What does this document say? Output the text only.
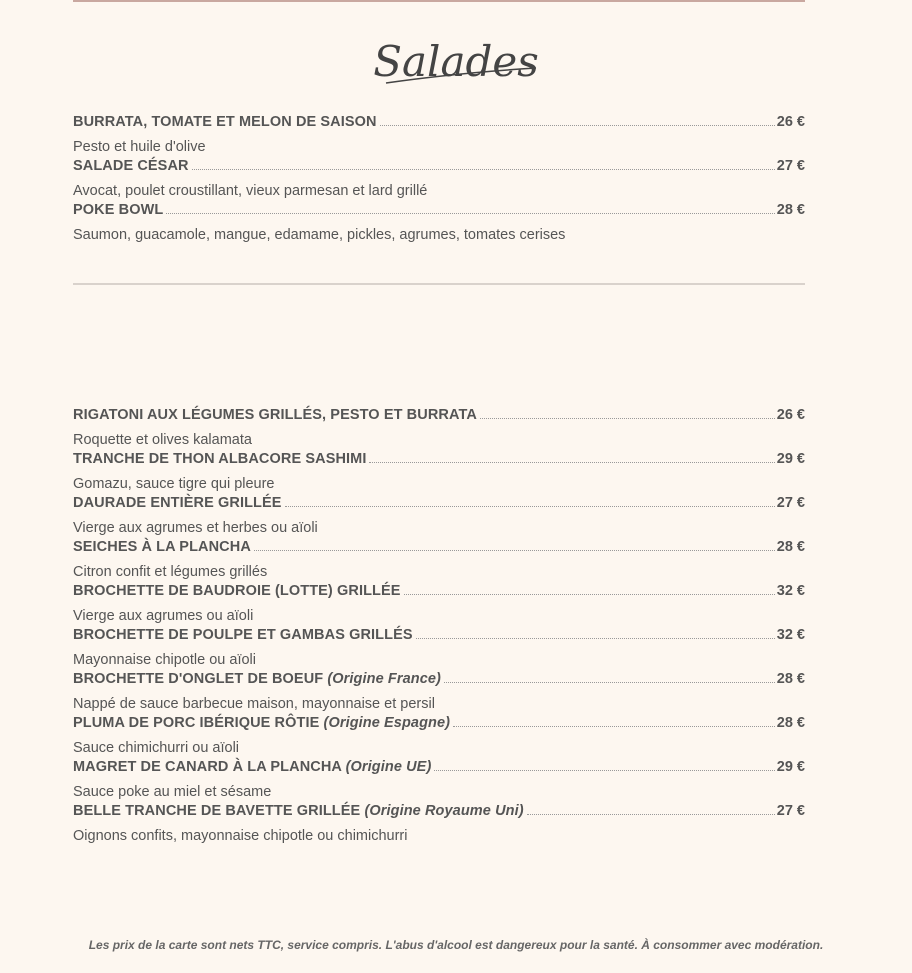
Salades
BURRATA, TOMATE ET MELON DE SAISON	26 €
Pesto et huile d'olive
SALADE CÉSAR	27 €
Avocat, poulet croustillant, vieux parmesan et lard grillé
POKE BOWL	28 €
Saumon, guacamole, mangue, edamame, pickles, agrumes, tomates cerises
RIGATONI AUX LÉGUMES GRILLÉS, PESTO ET BURRATA	26 €
Roquette et olives kalamata
TRANCHE DE THON ALBACORE SASHIMI	29 €
Gomazu, sauce tigre qui pleure
DAURADE ENTIÈRE GRILLÉE	27 €
Vierge aux agrumes et herbes ou aïoli
SEICHES À LA PLANCHA	28 €
Citron confit et légumes grillés
BROCHETTE DE BAUDROIE (LOTTE) GRILLÉE	32 €
Vierge aux agrumes ou aïoli
BROCHETTE DE POULPE ET GAMBAS GRILLÉS	32 €
Mayonnaise chipotle ou aïoli
BROCHETTE D'ONGLET DE BOEUF (Origine France)	28 €
Nappé de sauce barbecue maison, mayonnaise et persil
PLUMA DE PORC IBÉRIQUE RÔTIE (Origine Espagne)	28 €
Sauce chimichurri ou aïoli
MAGRET DE CANARD À LA PLANCHA (Origine UE)	29 €
Sauce poke au miel et sésame
BELLE TRANCHE DE BAVETTE GRILLÉE (Origine Royaume Uni)	27 €
Oignons confits, mayonnaise chipotle ou chimichurri
Les prix de la carte sont nets TTC, service compris. L'abus d'alcool est dangereux pour la santé. À consommer avec modération.
